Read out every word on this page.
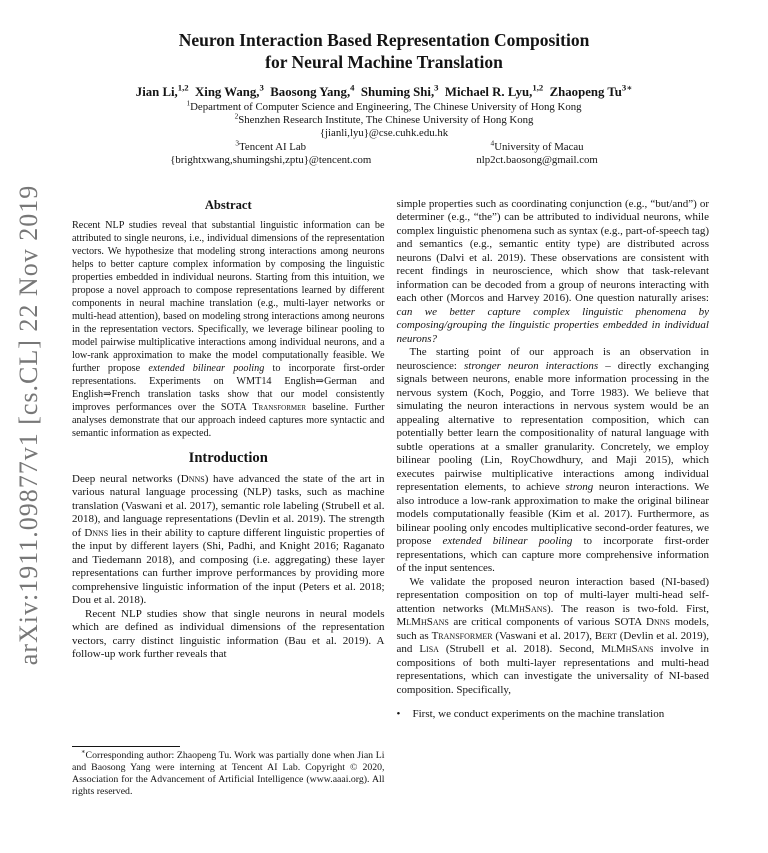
arXiv:1911.09877v1 [cs.CL] 22 Nov 2019
Neuron Interaction Based Representation Composition
for Neural Machine Translation
Jian Li,$^{1,2}$ Xing Wang,$^3$ Baosong Yang,$^4$ Shuming Shi,$^3$ Michael R. Lyu,$^{1,2}$ Zhaopeng $Tu^{3∗}$
$^1$Department of Computer Science and Engineering, The Chinese University of Hong Kong
$^2$Shenzhen Research Institute, The Chinese University of Hong Kong
{jianli,lyu}@cse.cuhk.edu.hk
$^3$Tencent AI Lab
{brightxwang,shumingshi,zptu}@tencent.com
$^4$University of Macau
nlp2ct.baosong@gmail.com
Abstract

Recent NLP studies reveal that substantial linguistic information can be attributed to single neurons, i.e., individual dimensions of the representation vectors. We hypothesize that modeling strong interactions among neurons helps to better capture complex information by composing the linguistic properties embedded in individual neurons. Starting from this intuition, we propose a novel approach to compose representations learned by different components in neural machine translation (e.g., multi-layer networks or multi-head attention), based on modeling strong interactions among neurons in the representation vectors. Specifically, we leverage bilinear pooling to model pairwise multiplicative interactions among individual neurons, and a low-rank approximation to make the model computationally feasible. We further propose extended bilinear pooling to incorporate first-order representations. Experiments on WMT14 English⇒German and English⇒French translation tasks show that our model consistently improves performances over the SOTA Transformer baseline. Further analyses demonstrate that our approach indeed captures more syntactic and semantic information as expected.

Introduction

Deep neural networks (Dnns) have advanced the state of the art in various natural language processing (NLP) tasks, such as machine translation (Vaswani et al. 2017), semantic role labeling (Strubell et al. 2018), and language representations (Devlin et al. 2019). The strength of Dnns lies in their ability to capture different linguistic properties of the input by different layers (Shi, Padhi, and Knight 2016; Raganato and Tiedemann 2018), and composing (i.e. aggregating) these layer representations can further improve performances by providing more comprehensive linguistic information of the input (Peters et al. 2018; Dou et al. 2018).

Recent NLP studies show that single neurons in neural models which are defined as individual dimensions of the representation vectors, carry distinct linguistic information (Bau et al. 2019). A follow-up work further reveals that

∗Corresponding author: Zhaopeng Tu. Work was partially done when Jian Li and Baosong Yang were interning at Tencent AI Lab. Copyright © 2020, Association for the Advancement of Artificial Intelligence (www.aaai.org). All rights reserved.

simple properties such as coordinating conjunction (e.g., “but/and”) or determiner (e.g., “the”) can be attributed to individual neurons, while complex linguistic phenomena such as syntax (e.g., part-of-speech tag) and semantics (e.g., semantic entity type) are distributed across neurons (Dalvi et al. 2019). These observations are consistent with recent findings in neuroscience, which show that task-relevant information can be decoded from a group of neurons interacting with each other (Morcos and Harvey 2016). One question naturally arises: can we better capture complex linguistic phenomena by composing/grouping the linguistic properties embedded in individual neurons?

The starting point of our approach is an observation in neuroscience: stronger neuron interactions – directly exchanging signals between neurons, enable more information processing in the nervous system (Koch, Poggio, and Torre 1983). We believe that simulating the neuron interactions in nervous system would be an appealing alternative to representation composition, which can potentially better learn the compositionality of natural language with subtle operations at a smaller granularity. Concretely, we employ bilinear pooling (Lin, RoyChowdhury, and Maji 2015), which executes pairwise multiplicative interactions among individual representation elements, to achieve strong neuron interactions. We also introduce a low-rank approximation to make the original bilinear models computationally feasible (Kim et al. 2017). Furthermore, as bilinear pooling only encodes multiplicative second-order features, we propose extended bilinear pooling to incorporate first-order representations, which can capture more comprehensive information of the input sentences.

We validate the proposed neuron interaction based (NI-based) representation composition on top of multi-layer multi-head self-attention networks (MlMhSans). The reason is two-fold. First, MlMhSans are critical components of various SOTA Dnns models, such as Transformer (Vaswani et al. 2017), Bert (Devlin et al. 2019), and Lisa (Strubell et al. 2018). Second, MlMhSans involve in compositions of both multi-layer representations and multi-head representations, which can investigate the universality of NI-based composition. Specifically,

•	First, we conduct experiments on the machine translation
